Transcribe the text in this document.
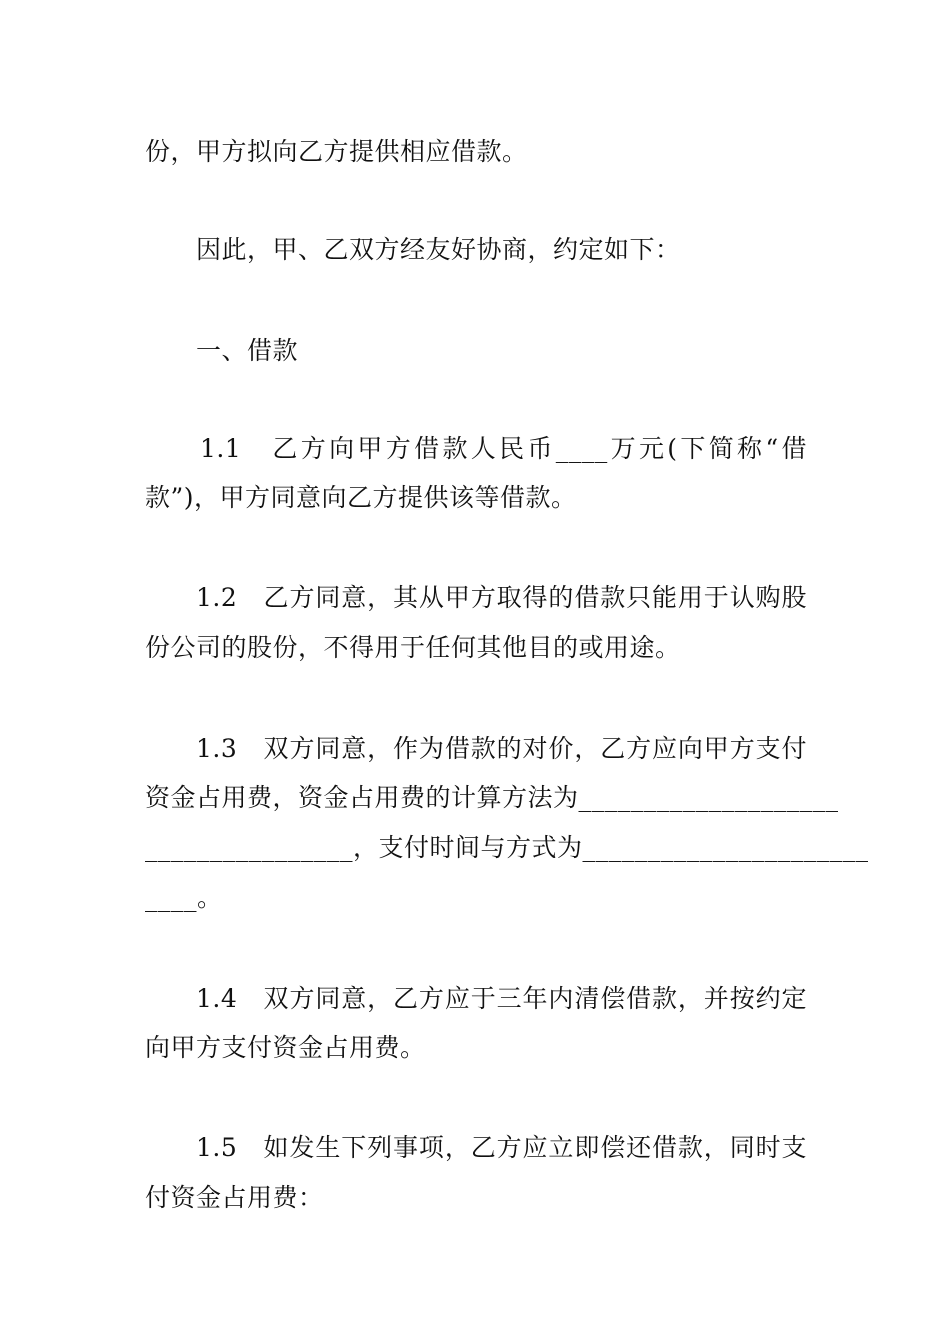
份，甲方拟向乙方提供相应借款。
因此，甲、乙双方经友好协商，约定如下：
一、借款
1.1　乙方向甲方借款人民币____万元(下简称“借
款”)，甲方同意向乙方提供该等借款。
1.2　乙方同意，其从甲方取得的借款只能用于认购股
份公司的股份，不得用于任何其他目的或用途。
1.3　双方同意，作为借款的对价，乙方应向甲方支付
资金占用费，资金占用费的计算方法为____________________
________________，支付时间与方式为______________________
____。
1.4　双方同意，乙方应于三年内清偿借款，并按约定
向甲方支付资金占用费。
1.5　如发生下列事项，乙方应立即偿还借款，同时支
付资金占用费：
